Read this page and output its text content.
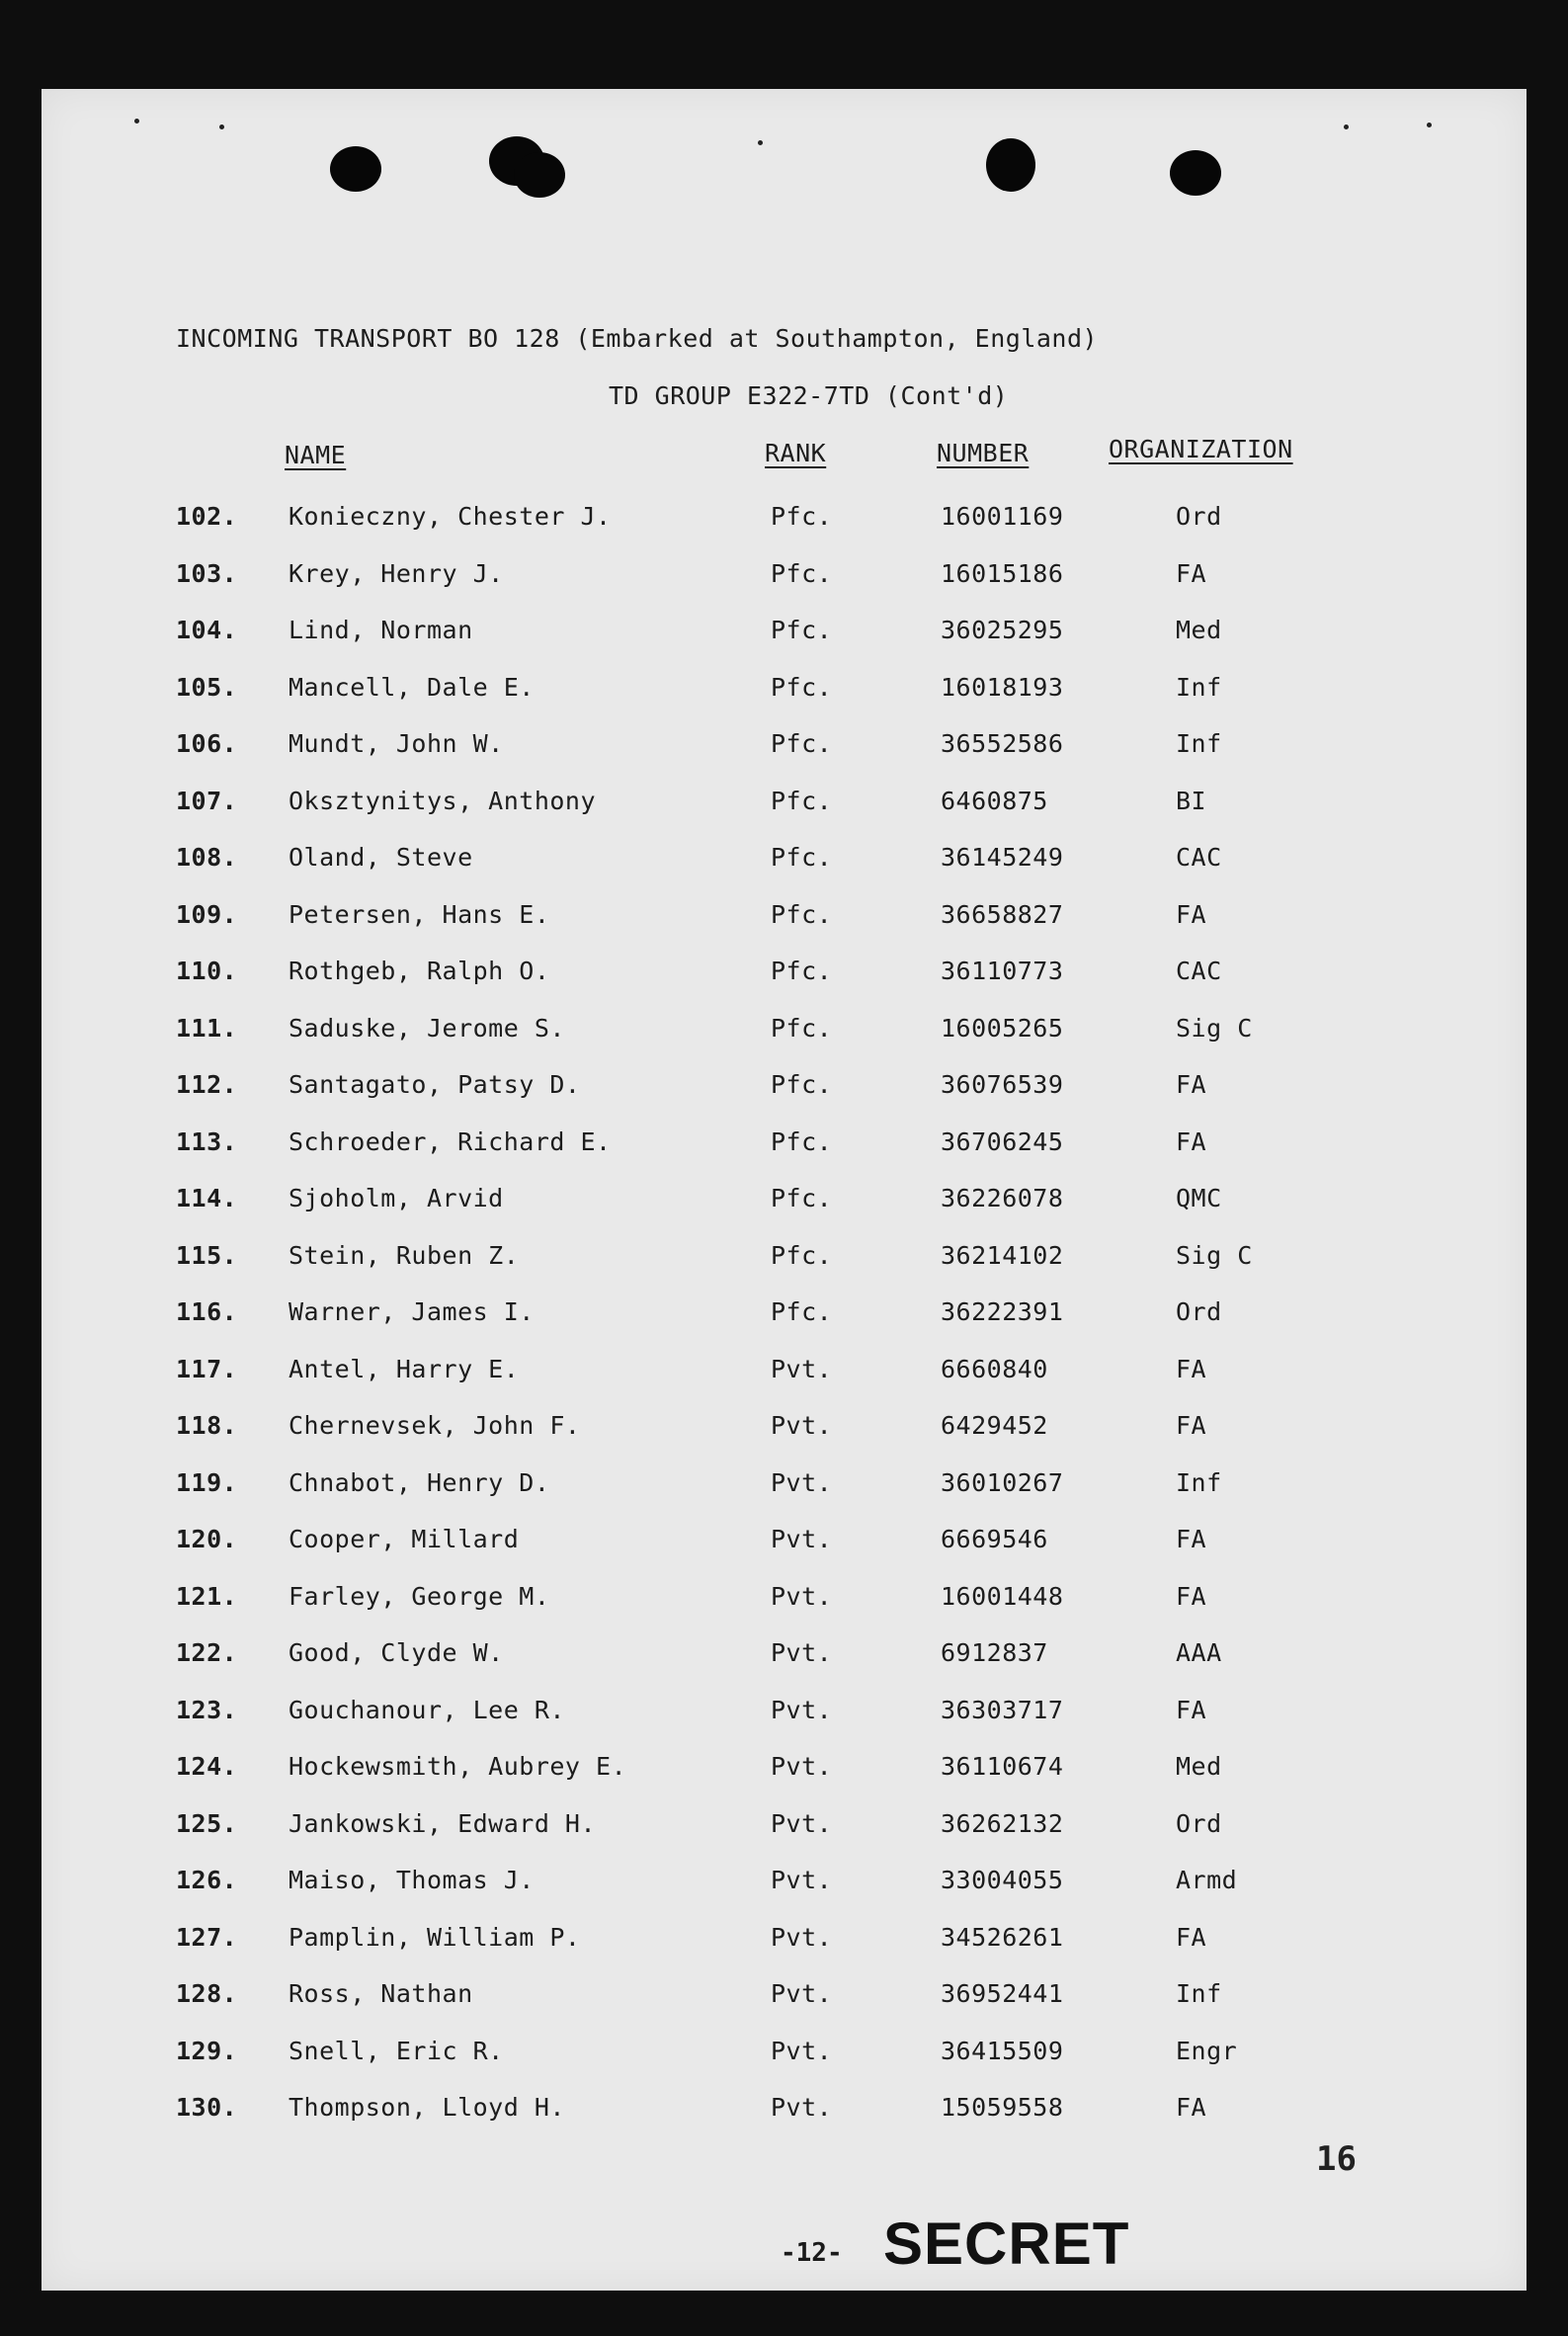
INCOMING TRANSPORT BO 128 (Embarked at Southampton, England)
TD GROUP E322-7TD (Cont'd)
NAME	RANK	NUMBER	ORGANIZATION
102. Konieczny, Chester J.	Pfc.	16001169	Ord
103. Krey, Henry J.	Pfc.	16015186	FA
104. Lind, Norman	Pfc.	36025295	Med
105. Mancell, Dale E.	Pfc.	16018193	Inf
106. Mundt, John W.	Pfc.	36552586	Inf
107. Oksztynitys, Anthony	Pfc.	6460875	BI
108. Oland, Steve	Pfc.	36145249	CAC
109. Petersen, Hans E.	Pfc.	36658827	FA
110. Rothgeb, Ralph O.	Pfc.	36110773	CAC
111. Saduske, Jerome S.	Pfc.	16005265	Sig C
112. Santagato, Patsy D.	Pfc.	36076539	FA
113. Schroeder, Richard E.	Pfc.	36706245	FA
114. Sjoholm, Arvid	Pfc.	36226078	QMC
115. Stein, Ruben Z.	Pfc.	36214102	Sig C
116. Warner, James I.	Pfc.	36222391	Ord
117. Antel, Harry E.	Pvt.	6660840	FA
118. Chernevsek, John F.	Pvt.	6429452	FA
119. Chnabot, Henry D.	Pvt.	36010267	Inf
120. Cooper, Millard	Pvt.	6669546	FA
121. Farley, George M.	Pvt.	16001448	FA
122. Good, Clyde W.	Pvt.	6912837	AAA
123. Gouchanour, Lee R.	Pvt.	36303717	FA
124. Hockewsmith, Aubrey E.	Pvt.	36110674	Med
125. Jankowski, Edward H.	Pvt.	36262132	Ord
126. Maiso, Thomas J.	Pvt.	33004055	Armd
127. Pamplin, William P.	Pvt.	34526261	FA
128. Ross, Nathan	Pvt.	36952441	Inf
129. Snell, Eric R.	Pvt.	36415509	Engr
130. Thompson, Lloyd H.	Pvt.	15059558	FA
16
-12- SECRET
